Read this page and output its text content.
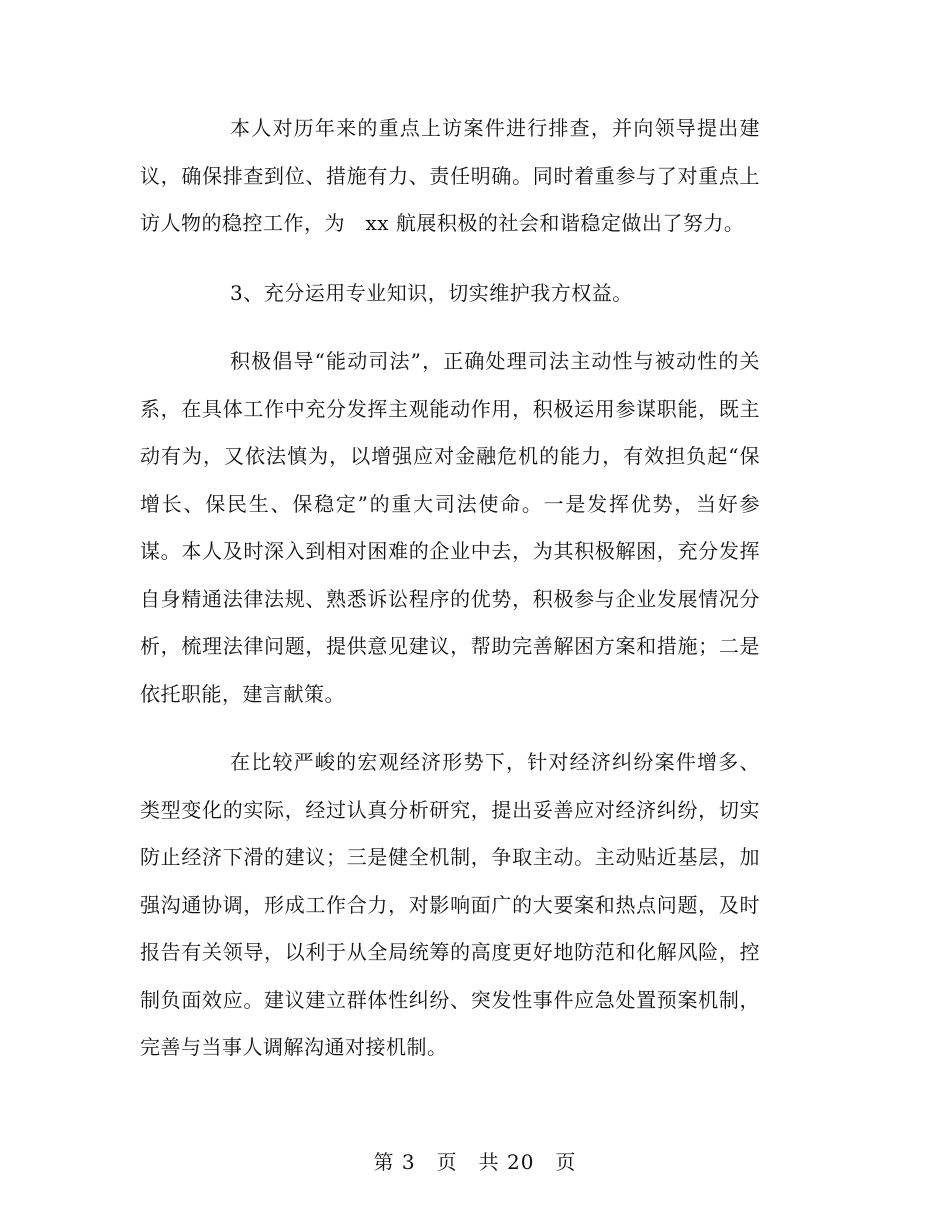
本人对历年来的重点上访案件进行排查，并向领导提出建议，确保排查到位、措施有力、责任明确。同时着重参与了对重点上访人物的稳控工作，为　xx 航展积极的社会和谐稳定做出了努力。

3、充分运用专业知识，切实维护我方权益。

积极倡导“能动司法”，正确处理司法主动性与被动性的关系，在具体工作中充分发挥主观能动作用，积极运用参谋职能，既主动有为，又依法慎为，以增强应对金融危机的能力，有效担负起“保增长、保民生、保稳定”的重大司法使命。一是发挥优势，当好参谋。本人及时深入到相对困难的企业中去，为其积极解困，充分发挥自身精通法律法规、熟悉诉讼程序的优势，积极参与企业发展情况分析，梳理法律问题，提供意见建议，帮助完善解困方案和措施；二是依托职能，建言献策。

在比较严峻的宏观经济形势下，针对经济纠纷案件增多、类型变化的实际，经过认真分析研究，提出妥善应对经济纠纷，切实防止经济下滑的建议；三是健全机制，争取主动。主动贴近基层，加强沟通协调，形成工作合力，对影响面广的大要案和热点问题，及时报告有关领导，以利于从全局统筹的高度更好地防范和化解风险，控制负面效应。建议建立群体性纠纷、突发性事件应急处置预案机制，完善与当事人调解沟通对接机制。

第 3　页　共 20　页
